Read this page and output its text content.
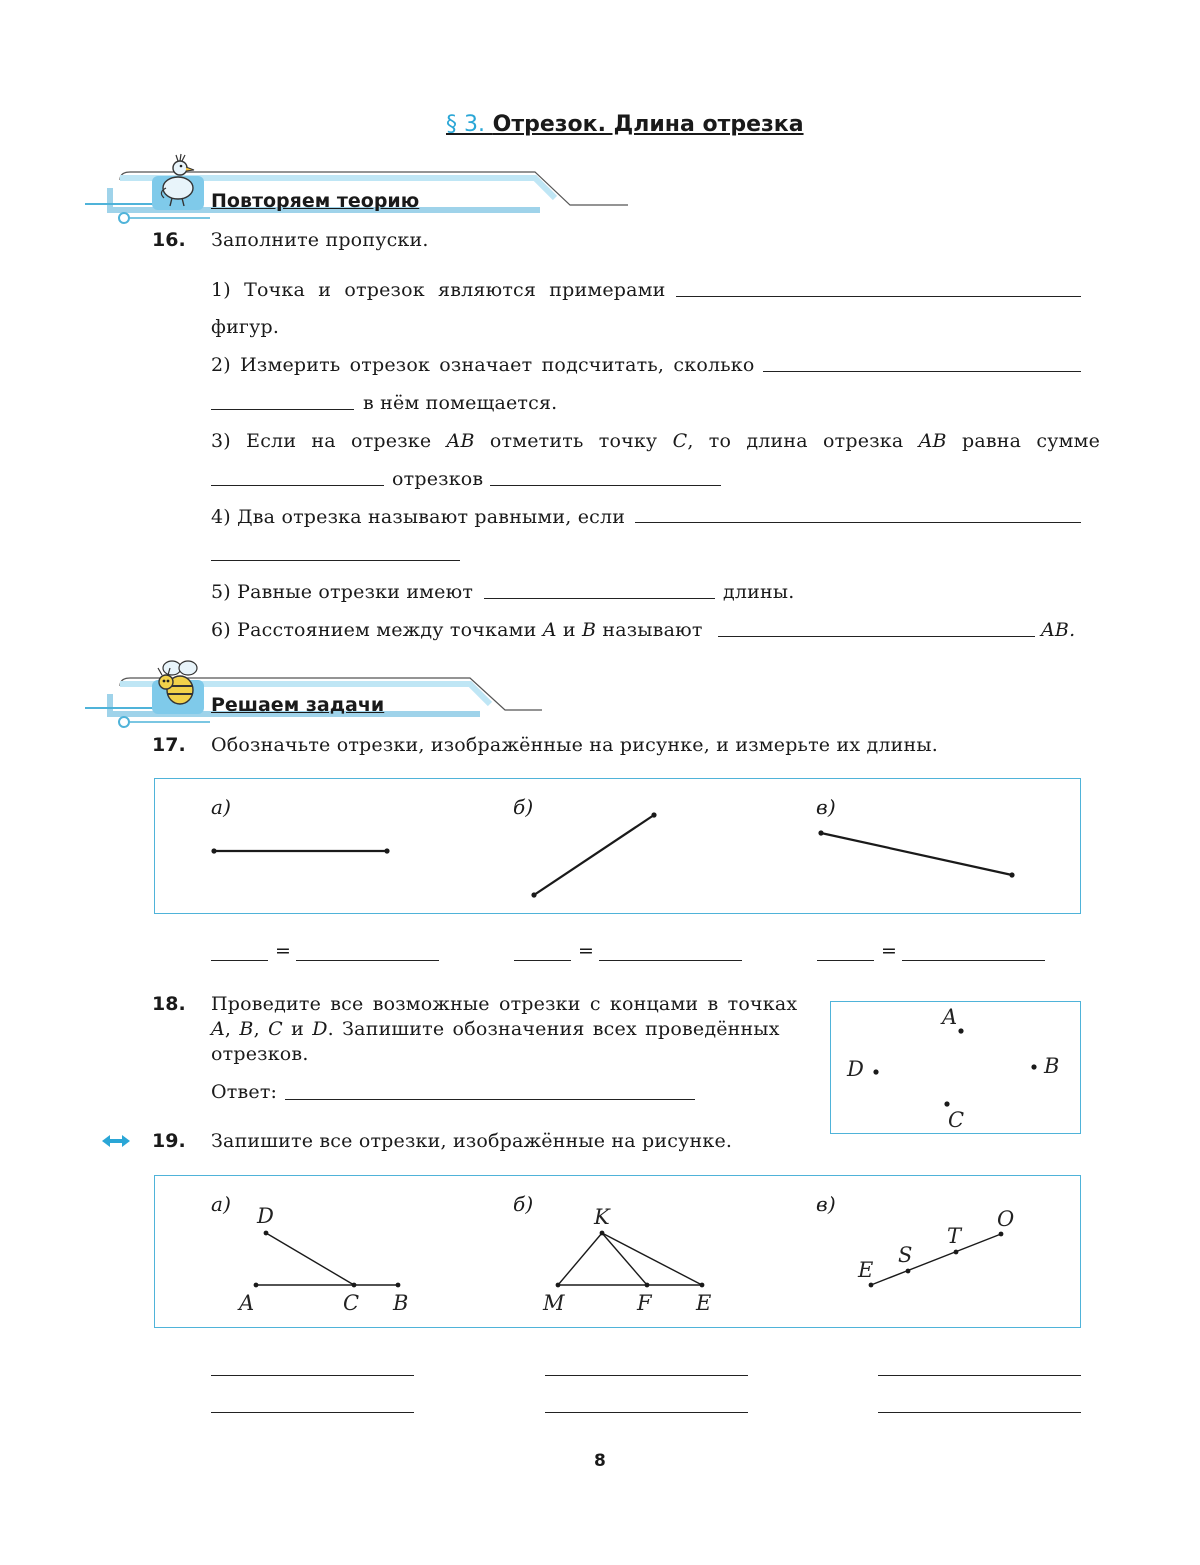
§ 3. Отрезок. Длина отрезка
Повторяем теорию
16. Заполните пропуски.
1) Точка и отрезок являются примерами
фигур.
2) Измерить отрезок означает подсчитать, сколько
в нём помещается.
3) Если на отрезке AB отметить точку C, то длина отрезка AB равна сумме
отрезков
4) Два отрезка называют равными, если
5) Равные отрезки имеют	длины.
6) Расстоянием между точками A и B называют	AB.
Решаем задачи
17. Обозначьте отрезки, изображённые на рисунке, и измерьте их длины.
а)	б)	в)
=	=	=
18. Проведите все возможные отрезки с концами в точках
A, B, C и D. Запишите обозначения всех проведённых
отрезков.
Ответ:
A
B
C
D
19. Запишите все отрезки, изображённые на рисунке.
а)	б)	в)
D
A	C B
K
M	F E
E
S
T
O
8
